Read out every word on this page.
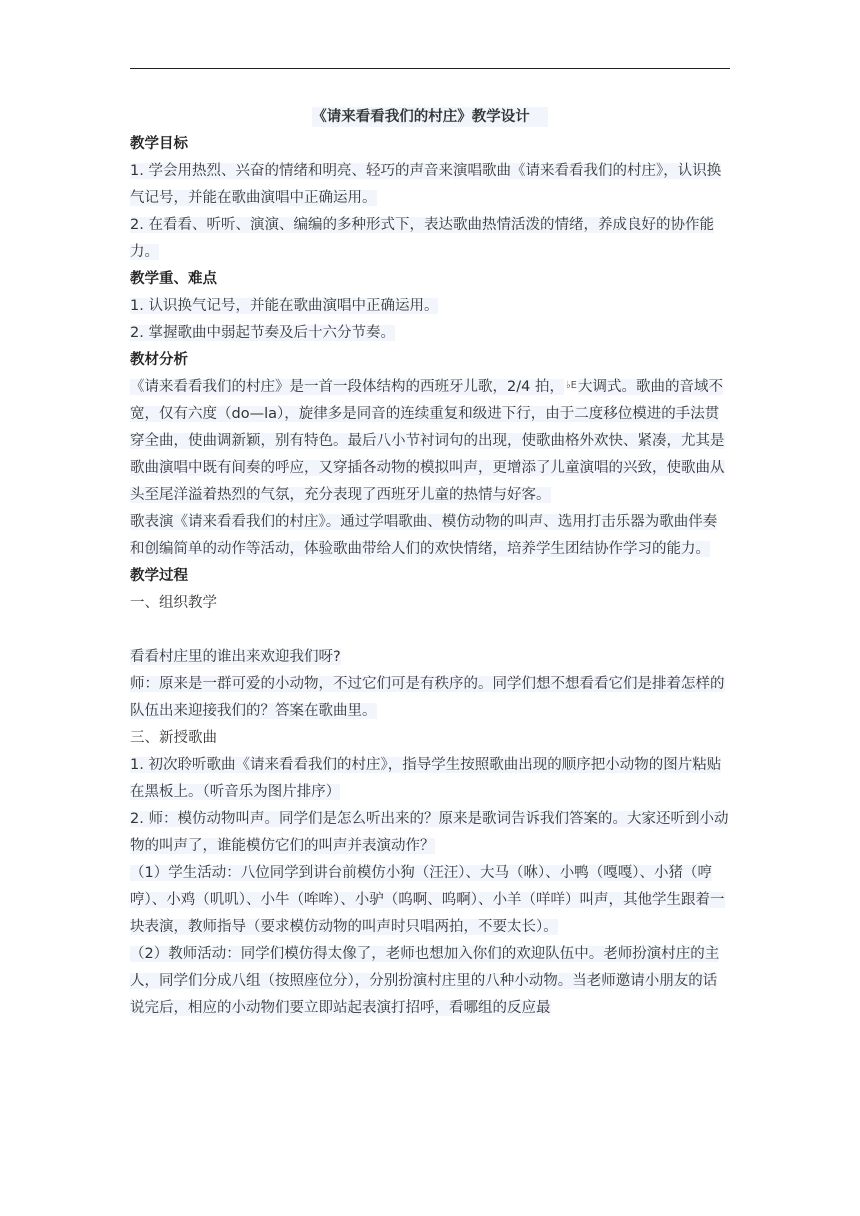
《请来看看我们的村庄》教学设计
教学目标

1. 学会用热烈、兴奋的情绪和明亮、轻巧的声音来演唱歌曲《请来看看我们的村庄》，认识换气记号，并能在歌曲演唱中正确运用。

2. 在看看、听听、演演、编编的多种形式下，表达歌曲热情活泼的情绪，养成良好的协作能力。

教学重、难点

1. 认识换气记号，并能在歌曲演唱中正确运用。

2. 掌握歌曲中弱起节奏及后十六分节奏。

教材分析

《请来看看我们的村庄》是一首一段体结构的西班牙儿歌，2/4 拍， ♭E大调式。歌曲的音域不宽，仅有六度（do—la），旋律多是同音的连续重复和级进下行，由于二度移位模进的手法贯穿全曲，使曲调新颖，别有特色。最后八小节衬词句的出现，使歌曲格外欢快、紧凑，尤其是歌曲演唱中既有间奏的呼应，又穿插各动物的模拟叫声，更增添了儿童演唱的兴致，使歌曲从头至尾洋溢着热烈的气氛，充分表现了西班牙儿童的热情与好客。

歌表演《请来看看我们的村庄》。通过学唱歌曲、模仿动物的叫声、选用打击乐器为歌曲伴奏和创编简单的动作等活动，体验歌曲带给人们的欢快情绪，培养学生团结协作学习的能力。

教学过程

一、组织教学

看看村庄里的谁出来欢迎我们呀?

师：原来是一群可爱的小动物，不过它们可是有秩序的。同学们想不想看看它们是排着怎样的队伍出来迎接我们的？答案在歌曲里。

三、新授歌曲

1. 初次聆听歌曲《请来看看我们的村庄》，指导学生按照歌曲出现的顺序把小动物的图片粘贴在黑板上。（听音乐为图片排序）

2. 师：模仿动物叫声。同学们是怎么听出来的？原来是歌词告诉我们答案的。大家还听到小动物的叫声了，谁能模仿它们的叫声并表演动作？

（1）学生活动：八位同学到讲台前模仿小狗（汪汪）、大马（咻）、小鸭（嘎嘎）、小猪（哼哼）、小鸡（叽叽）、小牛（哞哞）、小驴（呜啊、呜啊）、小羊（咩咩）叫声，其他学生跟着一块表演，教师指导（要求模仿动物的叫声时只唱两拍，不要太长）。

（2）教师活动：同学们模仿得太像了，老师也想加入你们的欢迎队伍中。老师扮演村庄的主人，同学们分成八组（按照座位分），分别扮演村庄里的八种小动物。当老师邀请小朋友的话说完后，相应的小动物们要立即站起表演打招呼，看哪组的反应最
